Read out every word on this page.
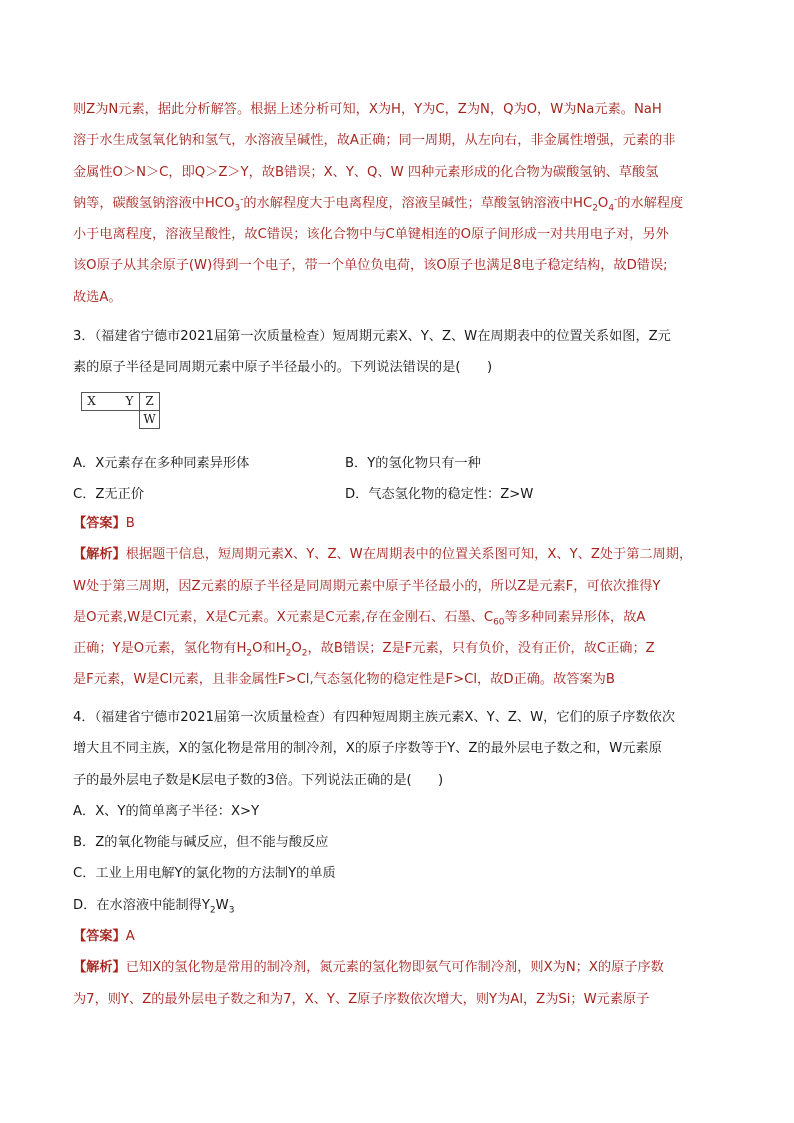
则Z为N元素，据此分析解答。根据上述分析可知，X为H，Y为C，Z为N，Q为O，W为Na元素。NaH
溶于水生成氢氧化钠和氢气，水溶液呈碱性，故A正确；同一周期，从左向右，非金属性增强，元素的非
金属性O＞N＞C，即Q＞Z＞Y，故B错误；X、Y、Q、W 四种元素形成的化合物为碳酸氢钠、草酸氢
钠等，碳酸氢钠溶液中$HCO_3^-$的水解程度大于电离程度，溶液呈碱性；草酸氢钠溶液中$HC_2O_4^-$的水解程度
小于电离程度，溶液呈酸性，故C错误；该化合物中与C单键相连的O原子间形成一对共用电子对，另外
该O原子从其余原子(W)得到一个电子，带一个单位负电荷，该O原子也满足8电子稳定结构，故D错误;
故选A。
3．（福建省宁德市2021届第一次质量检查）短周期元素X、Y、Z、W在周期表中的位置关系如图，Z元
素的原子半径是同周期元素中原子半径最小的。下列说法错误的是(　　)
X		Y	Z
			W
A．X元素存在多种同素异形体	B．Y的氢化物只有一种
C．Z无正价	D．气态氢化物的稳定性：Z>W
【答案】B
【解析】根据题干信息，短周期元素X、Y、Z、W在周期表中的位置关系图可知，X、Y、Z处于第二周期，
W处于第三周期，因Z元素的原子半径是同周期元素中原子半径最小的，所以Z是元素F，可依次推得Y
是O元素,W是Cl元素，X是C元素。X元素是C元素,存在金刚石、石墨、$C_{60}$等多种同素异形体，故A
正确；Y是O元素，氢化物有$H_2O$和$H_2O_2$，故B错误；Z是F元素，只有负价，没有正价，故C正确；Z
是F元素，W是Cl元素，且非金属性F>Cl,气态氢化物的稳定性是F>Cl，故D正确。故答案为B
4．（福建省宁德市2021届第一次质量检查）有四种短周期主族元素X、Y、Z、W，它们的原子序数依次
增大且不同主族，X的氢化物是常用的制冷剂，X的原子序数等于Y、Z的最外层电子数之和，W元素原
子的最外层电子数是K层电子数的3倍。下列说法正确的是(　　)
A．X、Y的简单离子半径：X>Y
B．Z的氧化物能与碱反应，但不能与酸反应
C．工业上用电解Y的氯化物的方法制Y的单质
D．在水溶液中能制得$Y_2W_3$
【答案】A
【解析】已知X的氢化物是常用的制冷剂，氮元素的氢化物即氨气可作制冷剂，则X为N；X的原子序数
为7，则Y、Z的最外层电子数之和为7，X、Y、Z原子序数依次增大，则Y为Al，Z为Si；W元素原子
